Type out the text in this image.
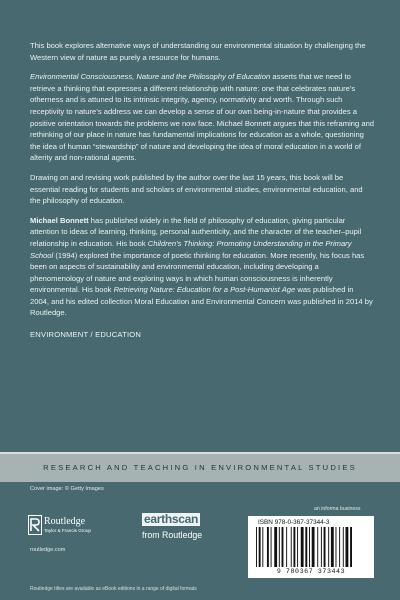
This book explores alternative ways of understanding our environmental situation by challenging the Western view of nature as purely a resource for humans.

Environmental Consciousness, Nature and the Philosophy of Education asserts that we need to retrieve a thinking that expresses a different relationship with nature: one that celebrates nature’s otherness and is attuned to its intrinsic integrity, agency, normativity and worth. Through such receptivity to nature’s address we can develop a sense of our own being-in-nature that provides a positive orientation towards the problems we now face. Michael Bonnett argues that this reframing and rethinking of our place in nature has fundamental implications for education as a whole, questioning the idea of human “stewardship” of nature and developing the idea of moral education in a world of alterity and non-rational agents.

Drawing on and revising work published by the author over the last 15 years, this book will be essential reading for students and scholars of environmental studies, environmental education, and the philosophy of education.

Michael Bonnett has published widely in the field of philosophy of education, giving particular attention to ideas of learning, thinking, personal authenticity, and the character of the teacher–pupil relationship in education. His book Children’s Thinking: Promoting Understanding in the Primary School (1994) explored the importance of poetic thinking for education. More recently, his focus has been on aspects of sustainability and environmental education, including developing a phenomenology of nature and exploring ways in which human consciousness is inherently environmental. His book Retrieving Nature: Education for a Post-Humanist Age was published in 2004, and his edited collection Moral Education and Environmental Concern was published in 2014 by Routledge.

ENVIRONMENT / EDUCATION

RESEARCH AND TEACHING IN ENVIRONMENTAL STUDIES
Cover image: © Getty Images
Routledge
Taylor & Francis Group
routledge.com
earthscan
from Routledge
an informa business
ISBN 978-0-367-37344-3
9 780367 373443
Routledge titles are available as eBook editions in a range of digital formats
